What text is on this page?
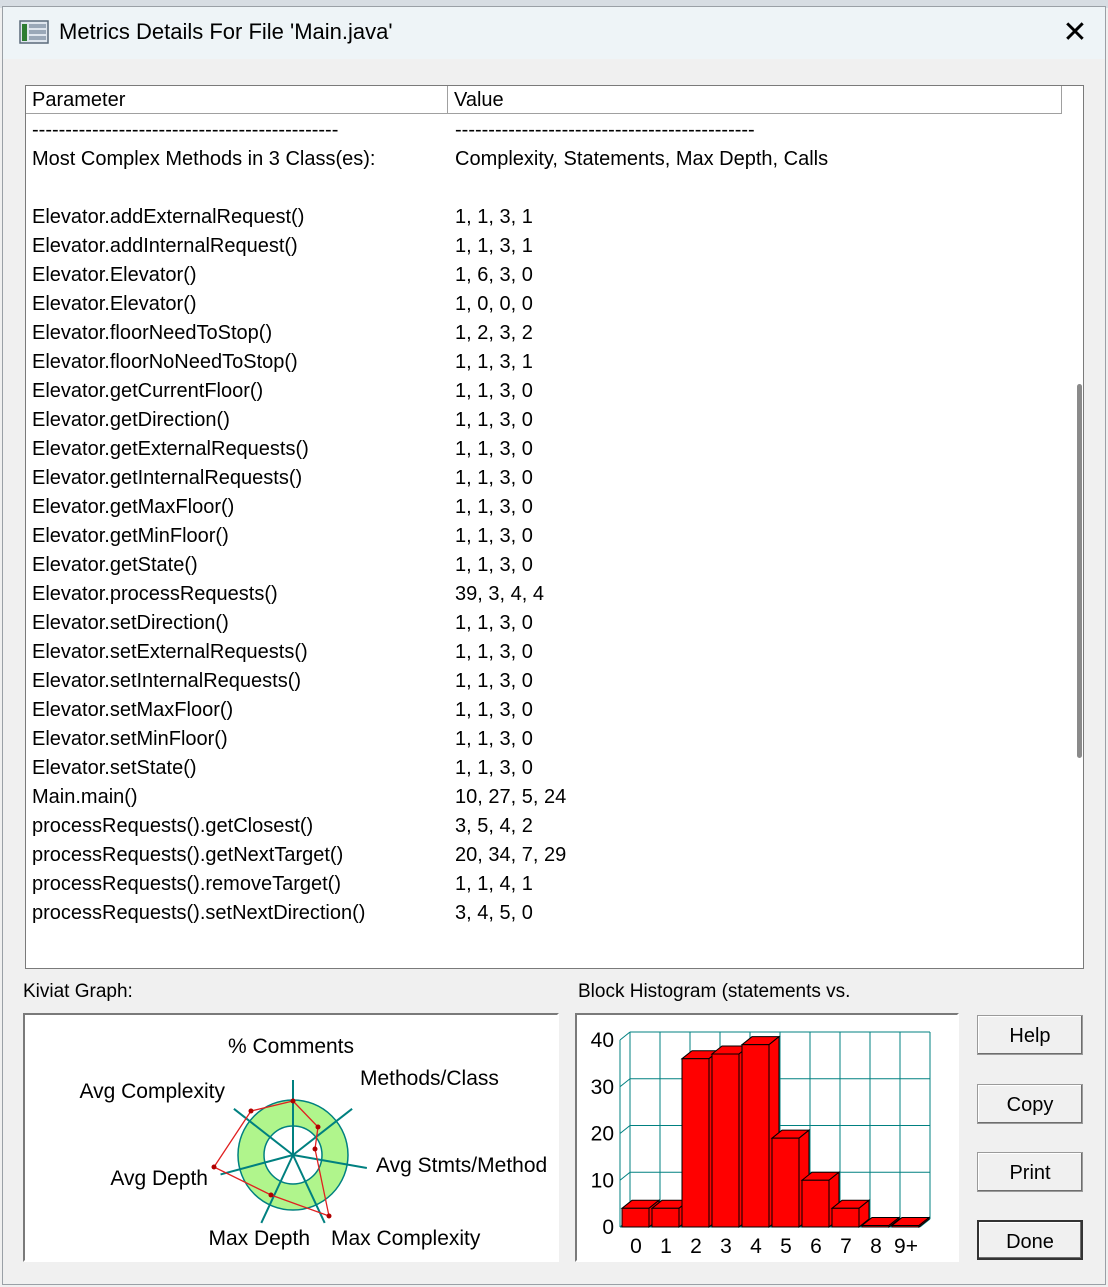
Metrics Details For File 'Main.java'	✕
Parameter	Value
----------------------------------------------	---------------------------------------------
Most Complex Methods in 3 Class(es):	Complexity, Statements, Max Depth, Calls
Elevator.addExternalRequest()	1, 1, 3, 1
Elevator.addInternalRequest()	1, 1, 3, 1
Elevator.Elevator()	1, 6, 3, 0
Elevator.Elevator()	1, 0, 0, 0
Elevator.floorNeedToStop()	1, 2, 3, 2
Elevator.floorNoNeedToStop()	1, 1, 3, 1
Elevator.getCurrentFloor()	1, 1, 3, 0
Elevator.getDirection()	1, 1, 3, 0
Elevator.getExternalRequests()	1, 1, 3, 0
Elevator.getInternalRequests()	1, 1, 3, 0
Elevator.getMaxFloor()	1, 1, 3, 0
Elevator.getMinFloor()	1, 1, 3, 0
Elevator.getState()	1, 1, 3, 0
Elevator.processRequests()	39, 3, 4, 4
Elevator.setDirection()	1, 1, 3, 0
Elevator.setExternalRequests()	1, 1, 3, 0
Elevator.setInternalRequests()	1, 1, 3, 0
Elevator.setMaxFloor()	1, 1, 3, 0
Elevator.setMinFloor()	1, 1, 3, 0
Elevator.setState()	1, 1, 3, 0
Main.main()	10, 27, 5, 24
processRequests().getClosest()	3, 5, 4, 2
processRequests().getNextTarget()	20, 34, 7, 29
processRequests().removeTarget()	1, 1, 4, 1
processRequests().setNextDirection()	3, 4, 5, 0
Kiviat Graph:	Block Histogram (statements vs.
% Comments
Methods/Class
Avg Stmts/Method
Max Complexity
Max Depth
Avg Depth
Avg Complexity
0
10
20
30
40
0 1 2 3 4 5 6 7 8 9+
Help
Copy
Print
Done
